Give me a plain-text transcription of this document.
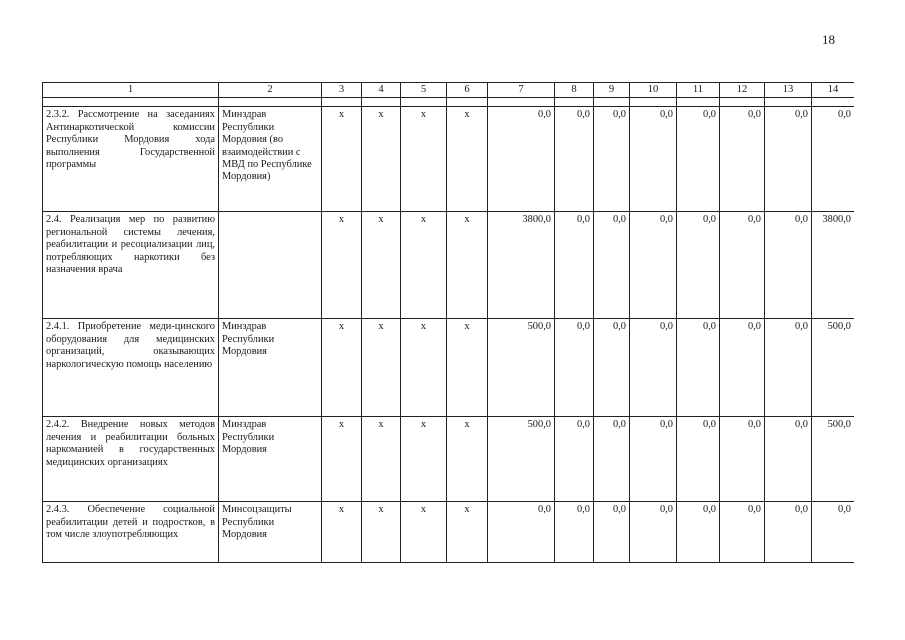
18
1	2	3	4	5	6	7	8	9	10	11	12	13	14

2.3.2. Рассмотрение на заседаниях Антинаркотической комиссии Республики Мордовия хода выполнения Государственной программы	Минздрав Республики Мордовия (во взаимодействии с МВД по Республике Мордовия)	х	х	х	х	0,0	0,0	0,0	0,0	0,0	0,0	0,0	0,0
2.4. Реализация мер по развитию региональной системы лечения, реабилитации и ресоциализации лиц, потребляющих наркотики без назначения врача		х	х	х	х	3800,0	0,0	0,0	0,0	0,0	0,0	0,0	3800,0
2.4.1. Приобретение меди-цинского оборудования для медицинских организаций, оказывающих наркологическую помощь населению	Минздрав Республики Мордовия	х	х	х	х	500,0	0,0	0,0	0,0	0,0	0,0	0,0	500,0
2.4.2. Внедрение новых методов лечения и реабилитации больных наркоманией в государственных медицинских организациях	Минздрав Республики Мордовия	х	х	х	х	500,0	0,0	0,0	0,0	0,0	0,0	0,0	500,0
2.4.3. Обеспечение социальной реабилитации детей и подростков, в том числе злоупотребляющих	Минсоцзащиты Республики Мордовия	х	х	х	х	0,0	0,0	0,0	0,0	0,0	0,0	0,0	0,0
